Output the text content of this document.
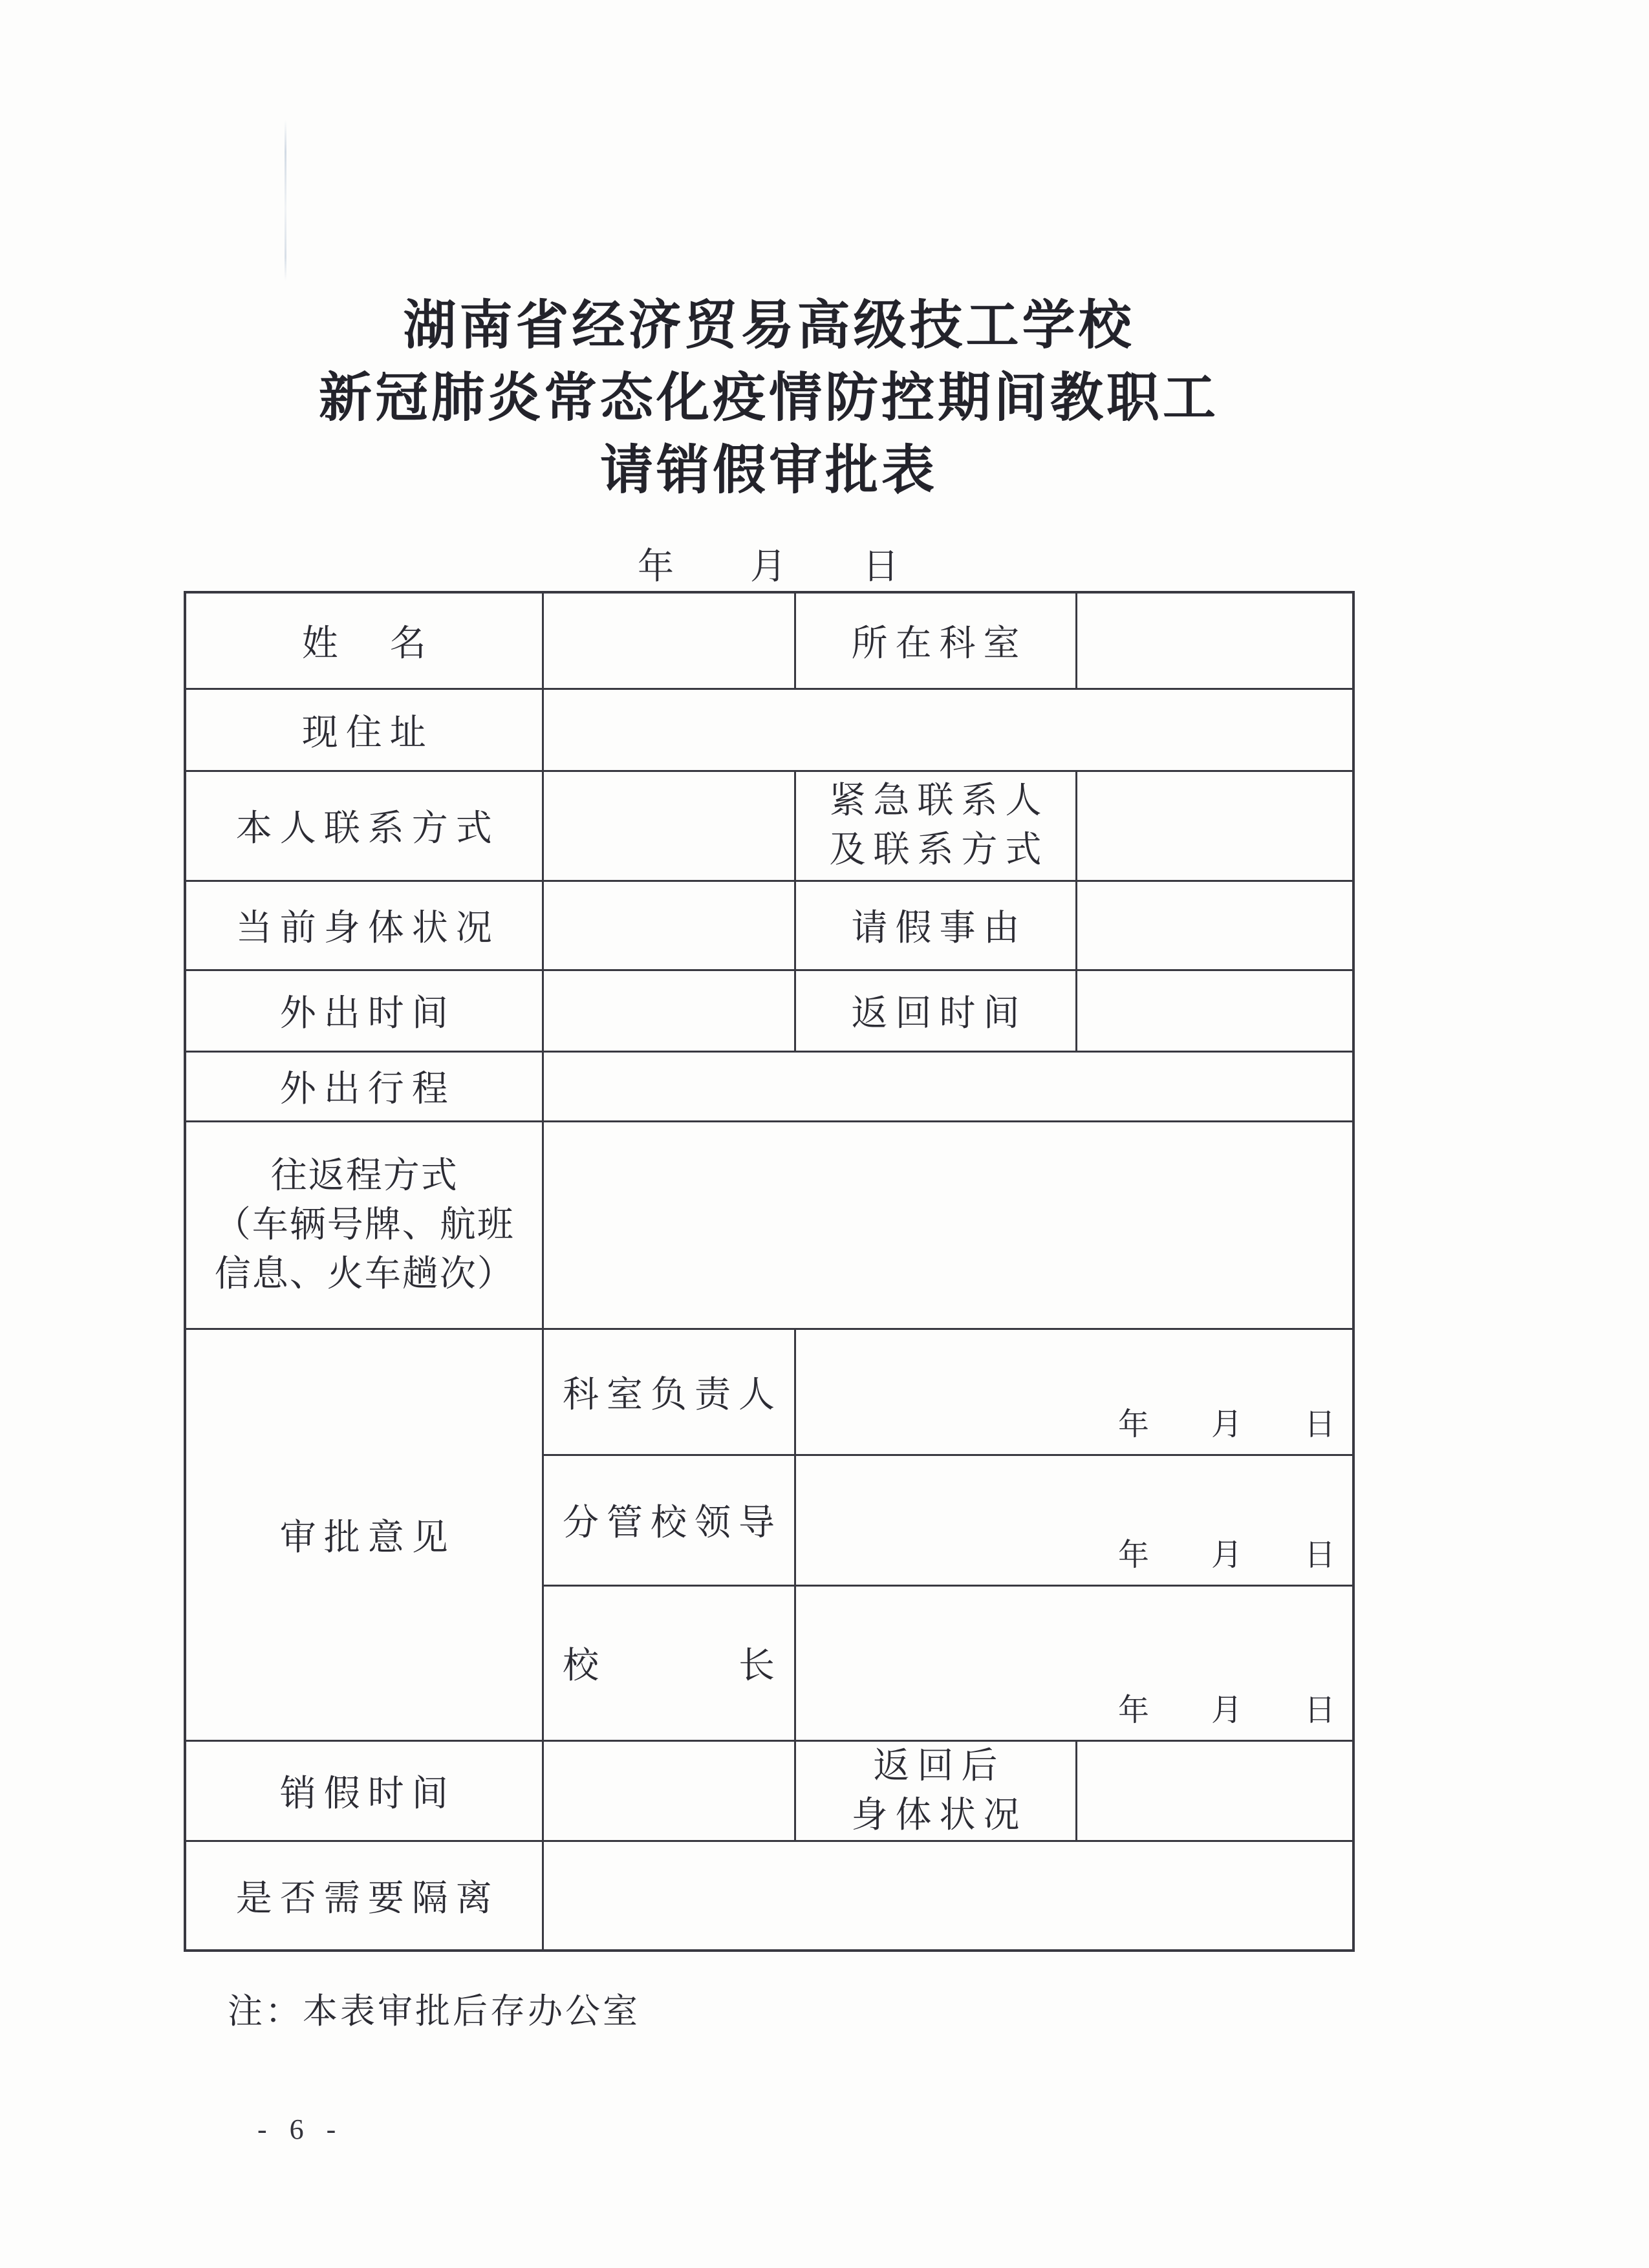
湖南省经济贸易高级技工学校
新冠肺炎常态化疫情防控期间教职工
请销假审批表
年　　月　　日
姓　名		所在科室	
现住址			
本人联系方式		紧急联系人
及联系方式	

当前身体状况		请假事由	
外出时间		返回时间	
外出行程			

往返程方式
（车辆号牌、航班
信息、火车趟次）			

审批意见	科室负责人	年　　月　　日	
	分管校领导	年　　月　　日	
	校　　　长	年　　月　　日	
销假时间		返回后
身体状况	

是否需要隔离			
注：本表审批后存办公室
- 6 -
